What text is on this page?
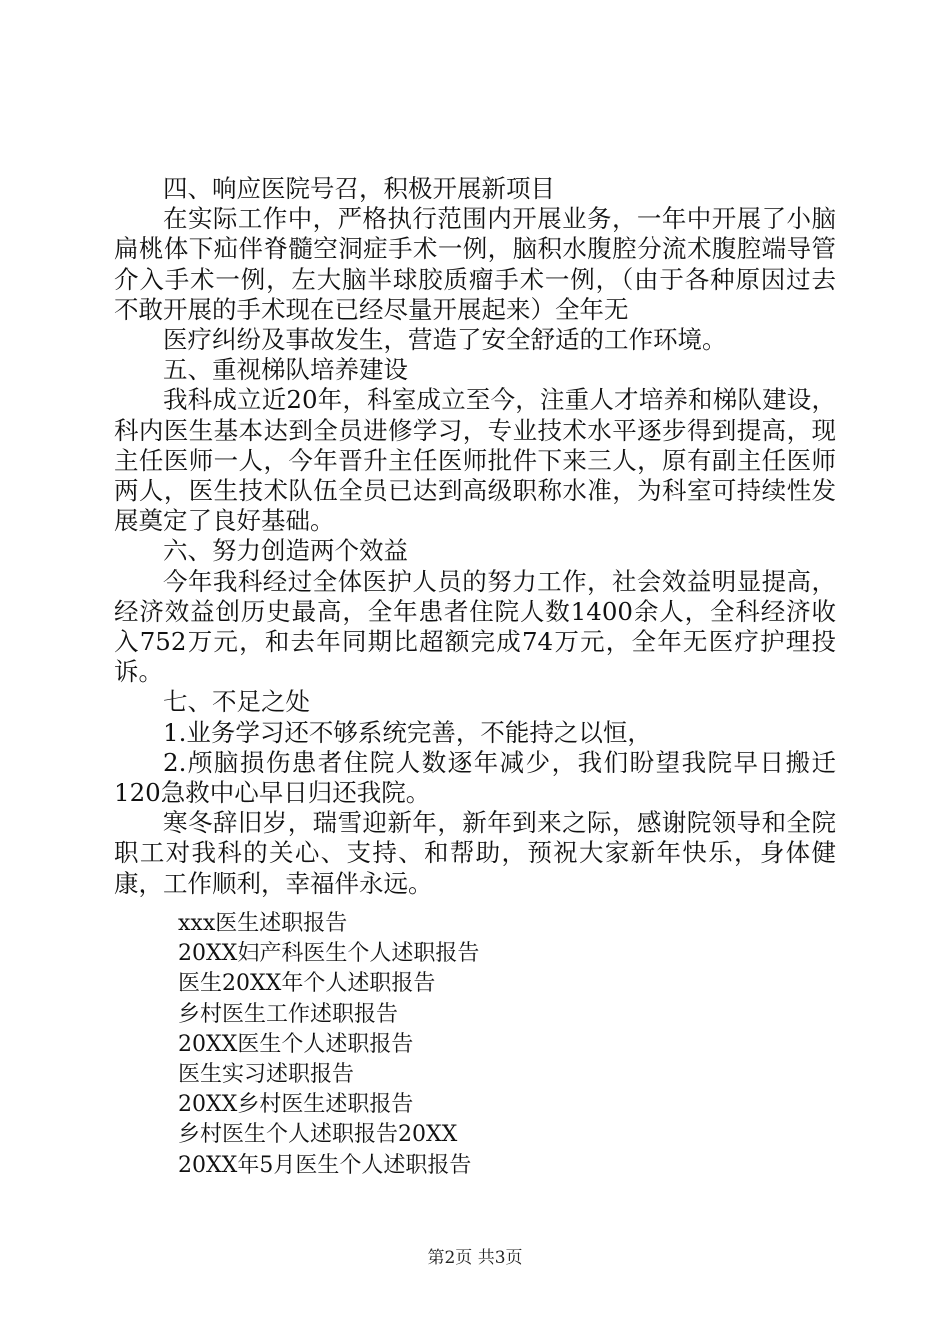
四、响应医院号召，积极开展新项目

在实际工作中，严格执行范围内开展业务，一年中开展了小脑扁桃体下疝伴脊髓空洞症手术一例，脑积水腹腔分流术腹腔端导管介入手术一例，左大脑半球胶质瘤手术一例，（由于各种原因过去不敢开展的手术现在已经尽量开展起来）全年无

医疗纠纷及事故发生，营造了安全舒适的工作环境。

五、重视梯队培养建设

我科成立近20年，科室成立至今，注重人才培养和梯队建设，科内医生基本达到全员进修学习，专业技术水平逐步得到提高，现主任医师一人，今年晋升主任医师批件下来三人，原有副主任医师两人，医生技术队伍全员已达到高级职称水准，为科室可持续性发展奠定了良好基础。

六、努力创造两个效益

今年我科经过全体医护人员的努力工作，社会效益明显提高，经济效益创历史最高，全年患者住院人数1400余人，全科经济收入752万元，和去年同期比超额完成74万元，全年无医疗护理投诉。

七、不足之处

1.业务学习还不够系统完善，不能持之以恒，

2.颅脑损伤患者住院人数逐年减少，我们盼望我院早日搬迁120急救中心早日归还我院。

寒冬辞旧岁，瑞雪迎新年，新年到来之际，感谢院领导和全院职工对我科的关心、支持、和帮助，预祝大家新年快乐，身体健康，工作顺利，幸福伴永远。

xxx医生述职报告
20XX妇产科医生个人述职报告
医生20XX年个人述职报告
乡村医生工作述职报告
20XX医生个人述职报告
医生实习述职报告
20XX乡村医生述职报告
乡村医生个人述职报告20XX
20XX年5月医生个人述职报告
第2页 共3页
